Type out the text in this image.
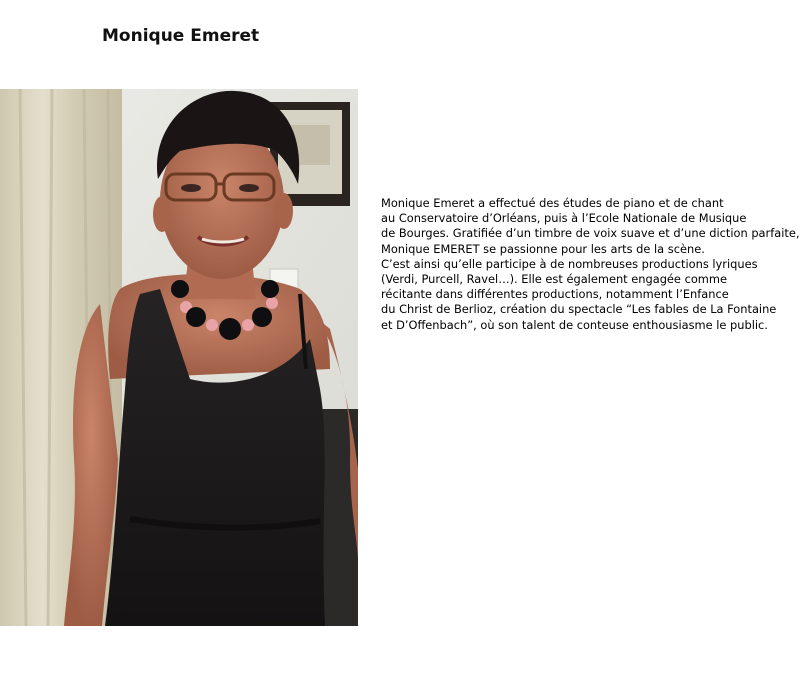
Monique Emeret
Monique Emeret a effectué des études de piano et de chant
au Conservatoire d’Orléans, puis à l’Ecole Nationale de Musique
de Bourges. Gratifiée d’un timbre de voix suave et d’une diction parfaite,
Monique EMERET se passionne pour les arts de la scène.
C’est ainsi qu’elle participe à de nombreuses productions lyriques
(Verdi, Purcell, Ravel…). Elle est également engagée comme
récitante dans différentes productions, notamment l’Enfance
du Christ de Berlioz, création du spectacle “Les fables de La Fontaine
et D’Offenbach”, où son talent de conteuse enthousiasme le public.
